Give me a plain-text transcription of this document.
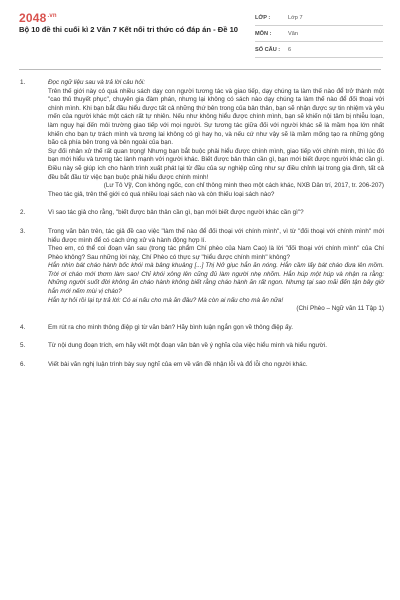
$2048^{.vn}$
Bộ 10 đề thi cuối kì 2 Văn 7 Kết nối tri thức có đáp án - Đề 10
LỚP :	Lớp 7
MÔN :	Văn
SỐ CÂU :	6
1.	Đọc ngữ liệu sau và trả lời câu hỏi:

Trên thế giới này có quá nhiều sách dạy con người tương tác và giao tiếp, dạy chúng ta làm thế nào để trở thành một "cao thủ thuyết phục", chuyên gia đàm phán, nhưng lại không có sách nào dạy chúng ta làm thế nào để đối thoại với chính mình. Khi bạn bắt đầu hiểu được tất cả những thứ bên trong của bản thân, bạn sẽ nhận được sự tin nhiệm và yêu mến của người khác một cách rất tự nhiên. Nếu như không hiểu được chính mình, bạn sẽ khiến nội tâm bị nhiễu loạn, làm nguy hại đến môi trường giao tiếp với mọi người. Sự tương tác giữa đối với người khác sẽ là mầm họa lớn nhất khiến cho bạn tự trách mình và tương lai không có gì hay ho, và nếu cứ như vậy sẽ là mầm mống tạo ra những gông bão cả phía bên trong và bên ngoài của bạn.

Sự đối nhân xử thế rất quan trọng! Nhưng bạn bắt buộc phải hiểu được chính mình, giao tiếp với chính mình, thì lúc đó bạn mới hiểu và tương tác lành mạnh với người khác. Biết được bản thân cần gì, bạn mới biết được người khác cần gì. Điều này sẽ giúp ích cho hành trình xuất phát lại từ đầu của sự nghiệp cũng như sự điều chỉnh lại trong gia đình, tất cả đều bắt đầu từ việc bạn buộc phải hiểu được chính mình!

(Lư Tô Vỹ, Con không ngốc, con chỉ thông minh theo một cách khác, NXB Dân trí, 2017, tr. 206-207)

Theo tác giả, trên thế giới có quá nhiều loại sách nào và còn thiếu loại sách nào?

2.	Vì sao tác giả cho rằng, "biết được bản thân cần gì, bạn mới biết được người khác cần gì"?

3.	Trong văn bản trên, tác giả đề cao việc "làm thế nào để đối thoại với chính mình", vì từ "đối thoại với chính mình" mới hiểu được mình để có cách ứng xử và hành động hợp lí.

Theo em, có thể coi đoạn văn sau (trong tác phẩm Chí phèo của Nam Cao) là lời "đối thoại với chính mình" của Chí Phèo không? Sau những lời này, Chí Phèo có thực sự "hiểu được chính mình" không?

Hắn nhìn bát cháo hành bốc khói mà bâng khuâng [...] Thị Nở giục hắn ăn nóng. Hắn cầm lấy bát cháo đưa lên mồm. Trời ơi cháo mới thơm làm sao! Chỉ khói xông lên cũng đủ làm người nhẹ nhõm. Hắn húp một húp và nhận ra rằng: Những người suốt đời không ăn cháo hành không biết rằng cháo hành ăn rất ngon. Nhưng tại sao mãi đến tận bây giờ hắn mới nếm mùi vị cháo?

Hắn tự hỏi rồi lại tự trả lời: Có ai nấu cho mà ăn đâu? Mà còn ai nấu cho mà ăn nữa!

(Chí Phèo – Ngữ văn 11 Tập 1)

4.	Em rút ra cho mình thông điệp gì từ văn bản? Hãy bình luận ngắn gọn về thông điệp ấy.

5.	Từ nội dung đoạn trích, em hãy viết một đoạn văn bản về ý nghĩa của việc hiểu mình và hiểu người.

6.	Viết bài văn nghị luận trình bày suy nghĩ của em về vấn đề nhận lỗi và đổ lỗi cho người khác.
